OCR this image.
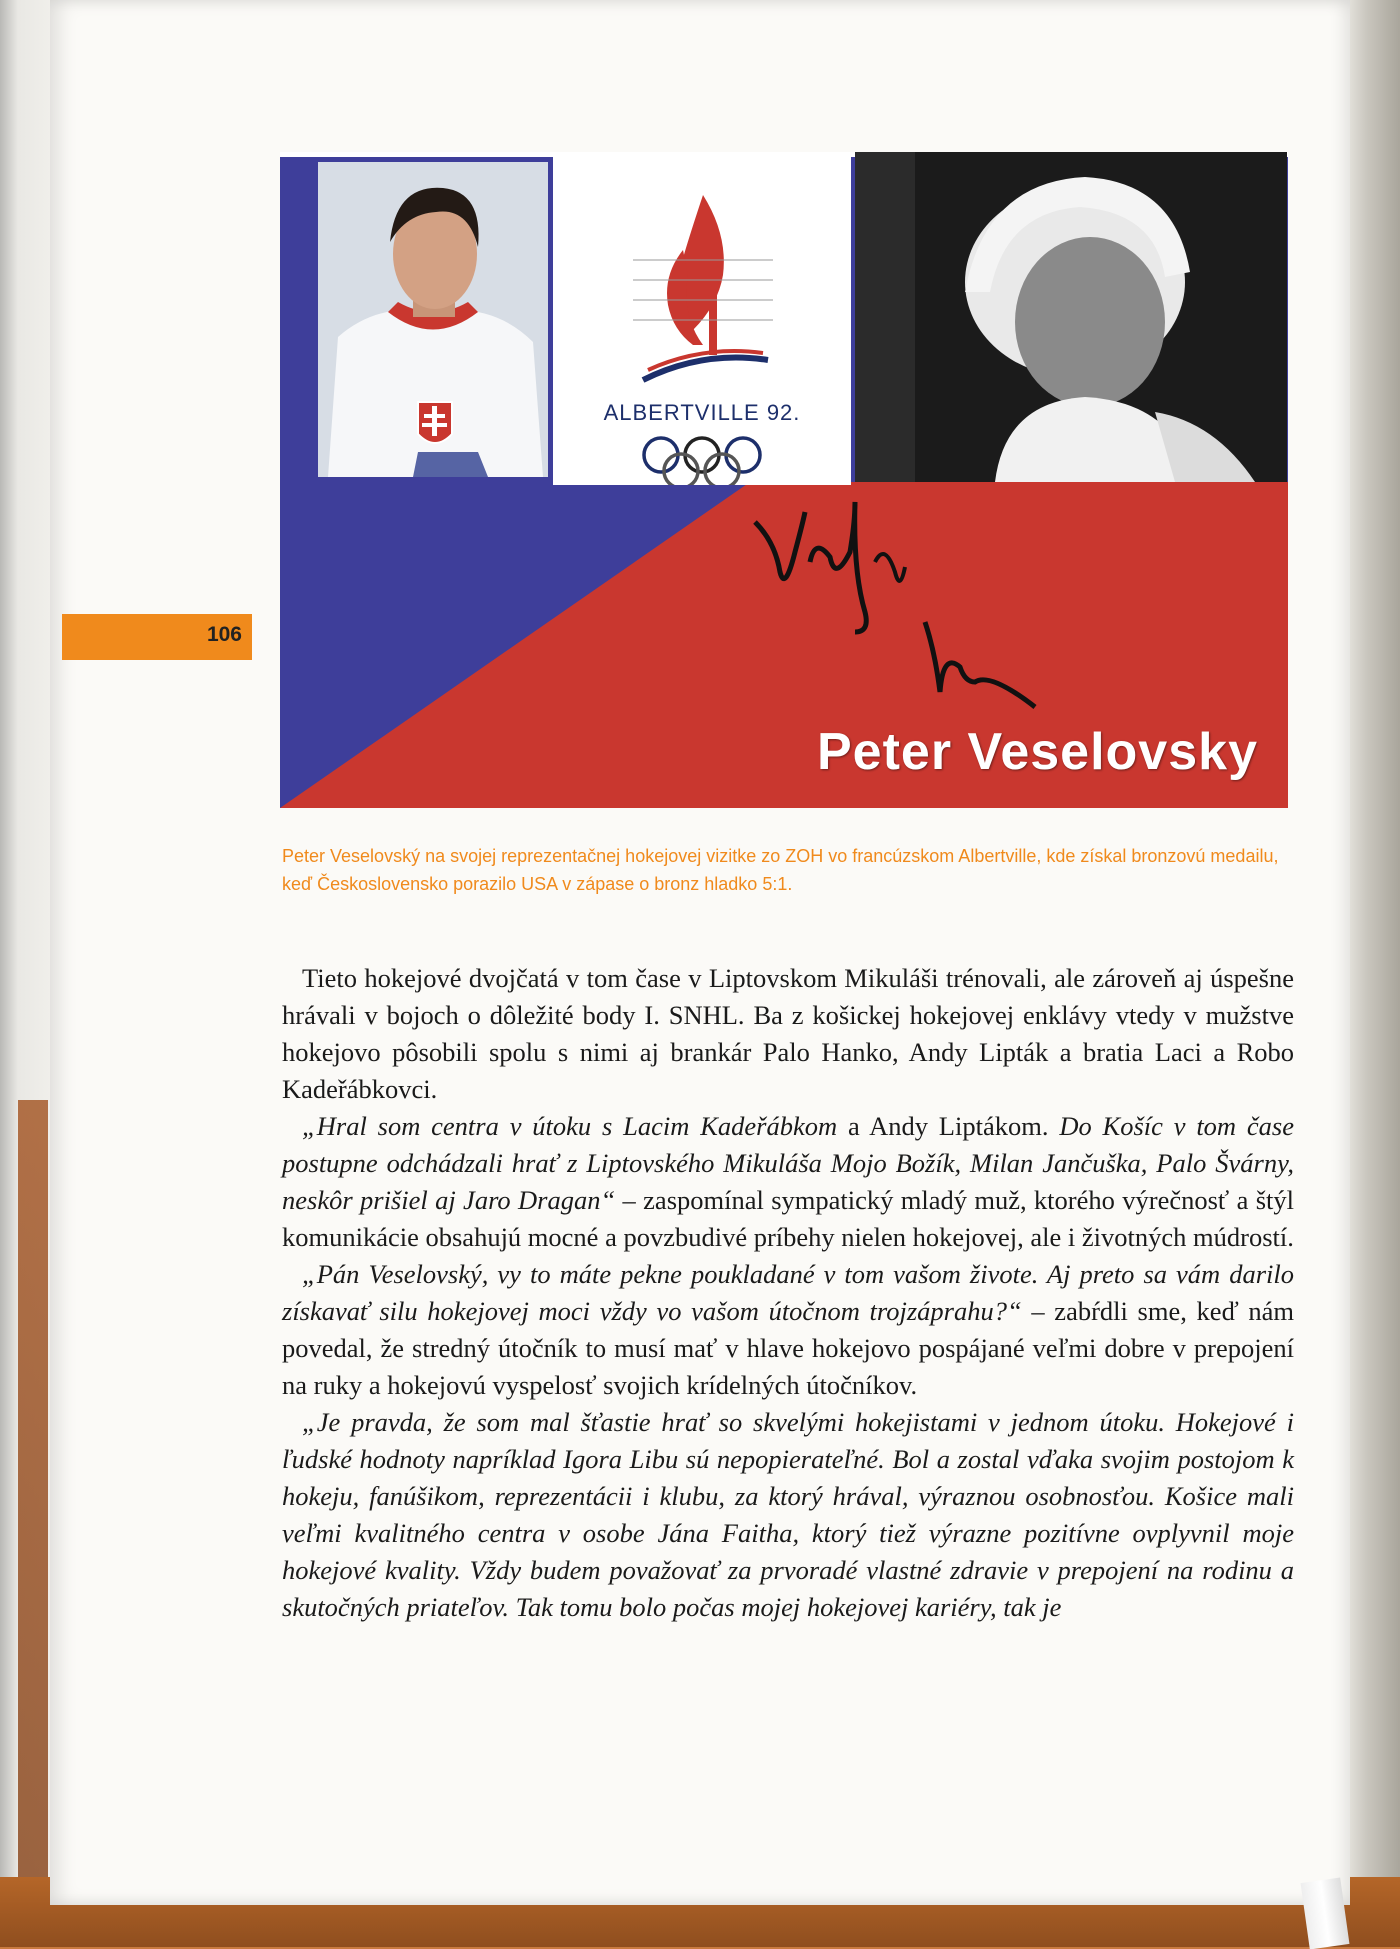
106
ALBERTVILLE 92.
Peter Veselovsky
Peter Veselovský na svojej reprezentačnej hokejovej vizitke zo ZOH vo francúzskom Albertville, kde získal bronzovú medailu, keď Československo porazilo USA v zápase o bronz hladko 5:1.

Tieto hokejové dvojčatá v tom čase v Liptovskom Mikuláši trénovali, ale zároveň aj úspešne hrávali v bojoch o dôležité body I. SNHL. Ba z košickej hokejovej enklávy vtedy v mužstve hokejovo pôsobili spolu s nimi aj brankár Palo Hanko, Andy Lipták a bratia Laci a Robo Kadeřábkovci.

„Hral som centra v útoku s Lacim Kadeřábkom a Andy Liptákom. Do Košíc v tom čase postupne odchádzali hrať z Liptovského Mikuláša Mojo Božík, Milan Jančuška, Palo Švárny, neskôr prišiel aj Jaro Dragan“ – zaspomínal sympatický mladý muž, ktorého výrečnosť a štýl komunikácie obsahujú mocné a povzbudivé príbehy nielen hokejovej, ale i životných múdrostí.

„Pán Veselovský, vy to máte pekne poukladané v tom vašom živote. Aj preto sa vám darilo získavať silu hokejovej moci vždy vo vašom útočnom trojzáprahu?“ – zabŕdli sme, keď nám povedal, že stredný útočník to musí mať v hlave hokejovo pospájané veľmi dobre v prepojení na ruky a hokejovú vyspelosť svojich krídelných útočníkov.

„Je pravda, že som mal šťastie hrať so skvelými hokejistami v jednom útoku. Hokejové i ľudské hodnoty napríklad Igora Libu sú nepopierateľné. Bol a zostal vďaka svojim postojom k hokeju, fanúšikom, reprezentácii i klubu, za ktorý hrával, výraznou osobnosťou. Košice mali veľmi kvalitného centra v osobe Jána Faitha, ktorý tiež výrazne pozitívne ovplyvnil moje hokejové kvality. Vždy budem považovať za prvoradé vlastné zdravie v prepojení na rodinu a skutočných priateľov. Tak tomu bolo počas mojej hokejovej kariéry, tak je
